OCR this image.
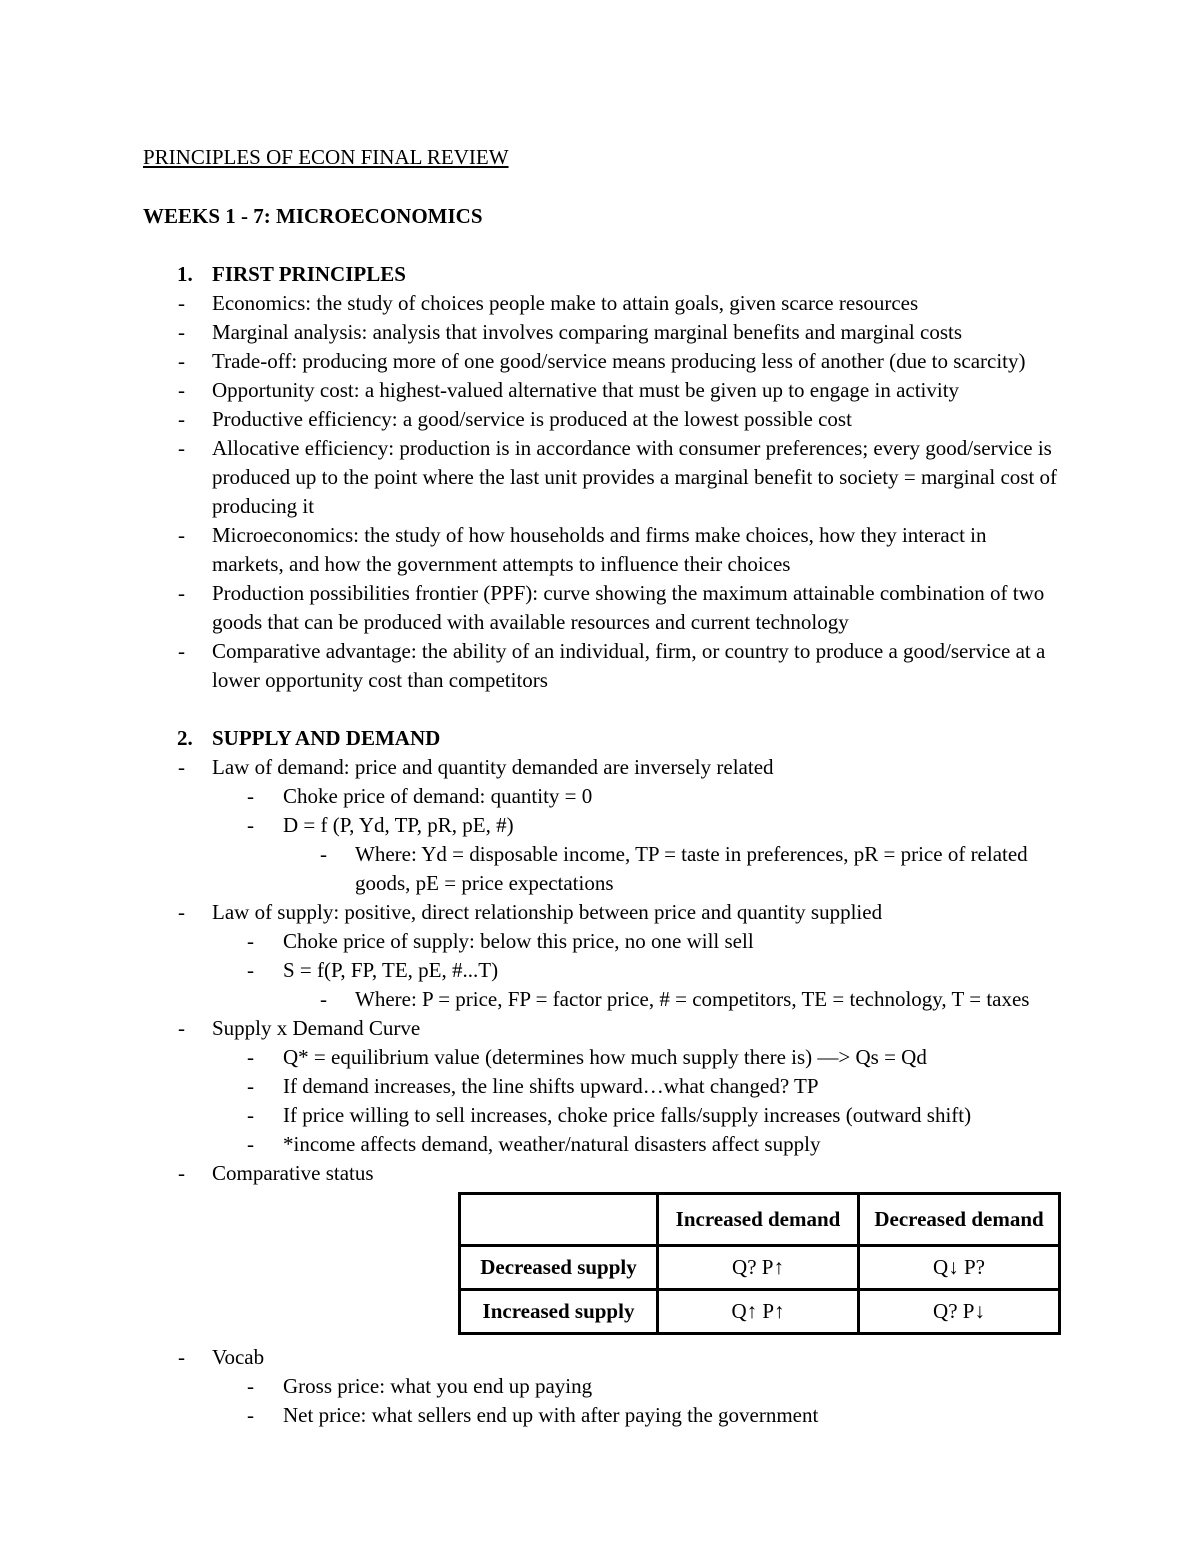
PRINCIPLES OF ECON FINAL REVIEW
WEEKS 1 - 7: MICROECONOMICS
1. FIRST PRINCIPLES
-	Economics: the study of choices people make to attain goals, given scarce resources
-	Marginal analysis: analysis that involves comparing marginal benefits and marginal costs
-	Trade-off: producing more of one good/service means producing less of another (due to scarcity)
-	Opportunity cost: a highest-valued alternative that must be given up to engage in activity
-	Productive efficiency: a good/service is produced at the lowest possible cost
-	Allocative efficiency: production is in accordance with consumer preferences; every good/service is produced up to the point where the last unit provides a marginal benefit to society = marginal cost of producing it
-	Microeconomics: the study of how households and firms make choices, how they interact in markets, and how the government attempts to influence their choices
-	Production possibilities frontier (PPF): curve showing the maximum attainable combination of two goods that can be produced with available resources and current technology
-	Comparative advantage: the ability of an individual, firm, or country to produce a good/service at a lower opportunity cost than competitors
2. SUPPLY AND DEMAND
-	Law of demand: price and quantity demanded are inversely related
-	Choke price of demand: quantity = 0
-	D = f (P, Yd, TP, pR, pE, #)
-	Where: Yd = disposable income, TP = taste in preferences, pR = price of related goods, pE = price expectations
-	Law of supply: positive, direct relationship between price and quantity supplied
-	Choke price of supply: below this price, no one will sell
-	S = f(P, FP, TE, pE, #...T)
-	Where: P = price, FP = factor price, # = competitors, TE = technology, T = taxes
-	Supply x Demand Curve
-	Q* = equilibrium value (determines how much supply there is) —> Qs = Qd
-	If demand increases, the line shifts upward…what changed? TP
-	If price willing to sell increases, choke price falls/supply increases (outward shift)
-	*income affects demand, weather/natural disasters affect supply
-	Comparative status
	Increased demand	Decreased demand
Decreased supply	Q? P↑	Q↓ P?
Increased supply	Q↑ P↑	Q? P↓
-	Vocab
-	Gross price: what you end up paying
-	Net price: what sellers end up with after paying the government
